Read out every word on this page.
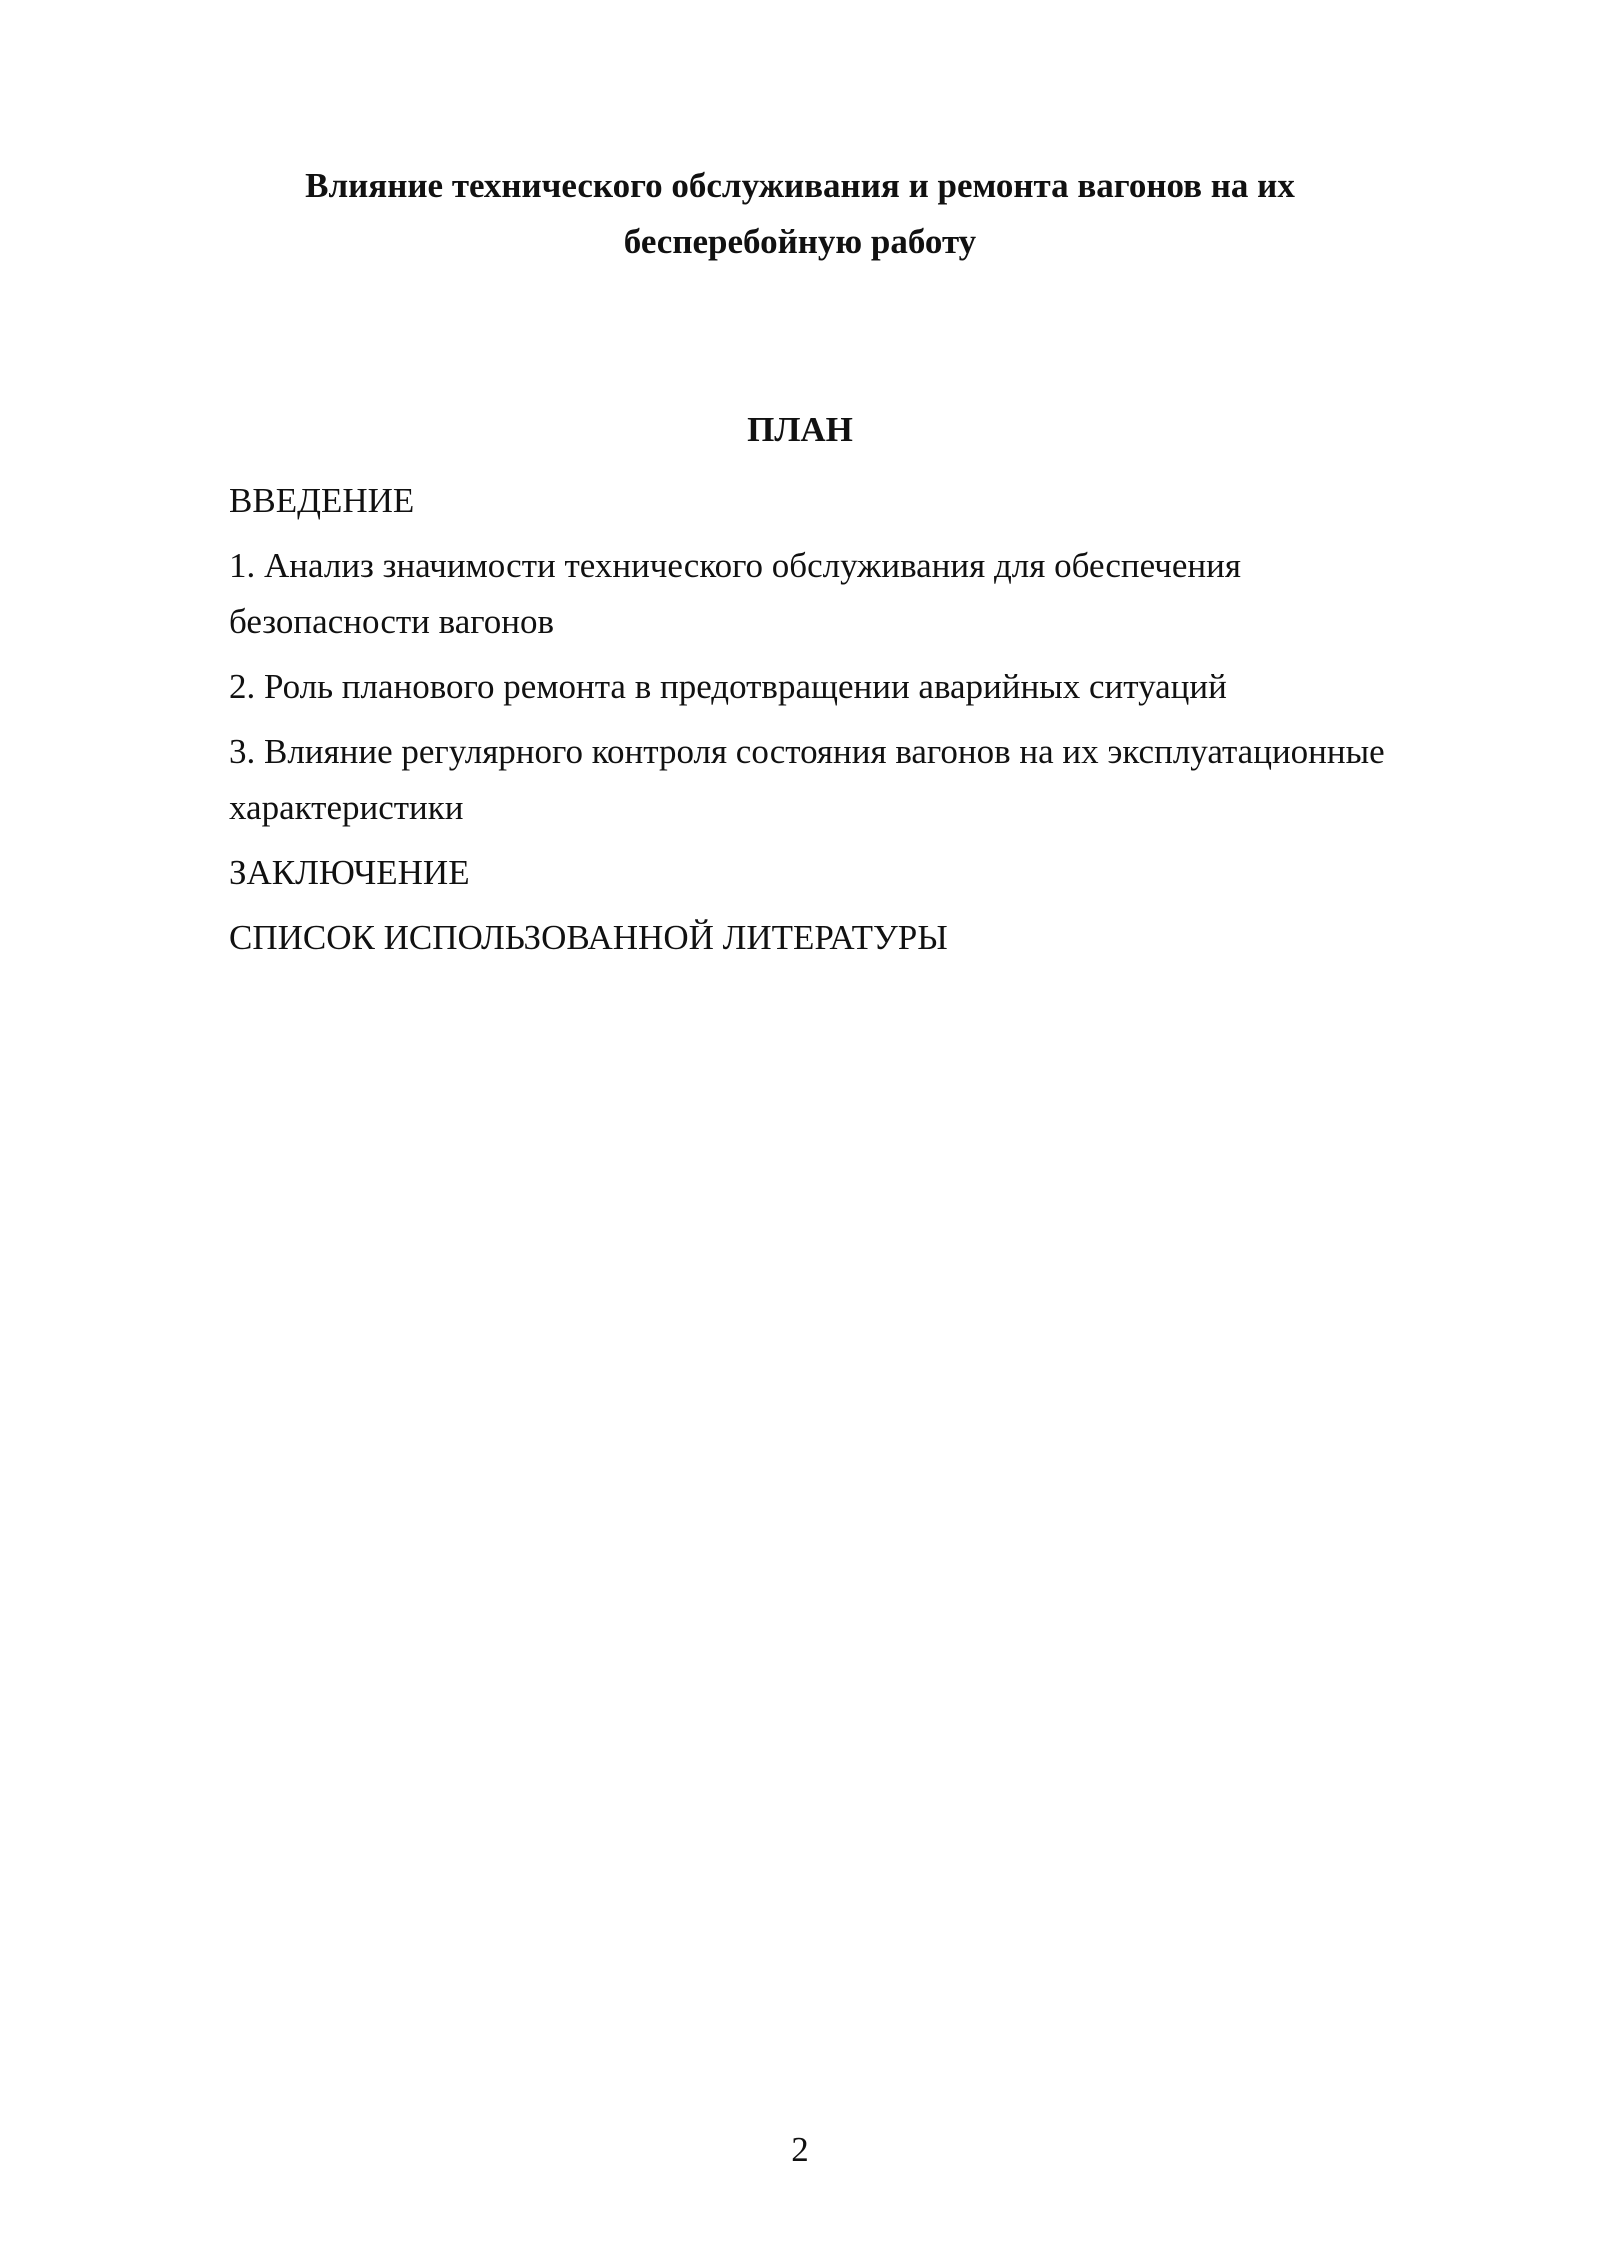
Влияние технического обслуживания и ремонта вагонов на их
бесперебойную работу
ПЛАН
ВВЕДЕНИЕ
1. Анализ значимости технического обслуживания для обеспечения безопасности вагонов
2. Роль планового ремонта в предотвращении аварийных ситуаций
3. Влияние регулярного контроля состояния вагонов на их эксплуатационные характеристики
ЗАКЛЮЧЕНИЕ
СПИСОК ИСПОЛЬЗОВАННОЙ ЛИТЕРАТУРЫ
2
